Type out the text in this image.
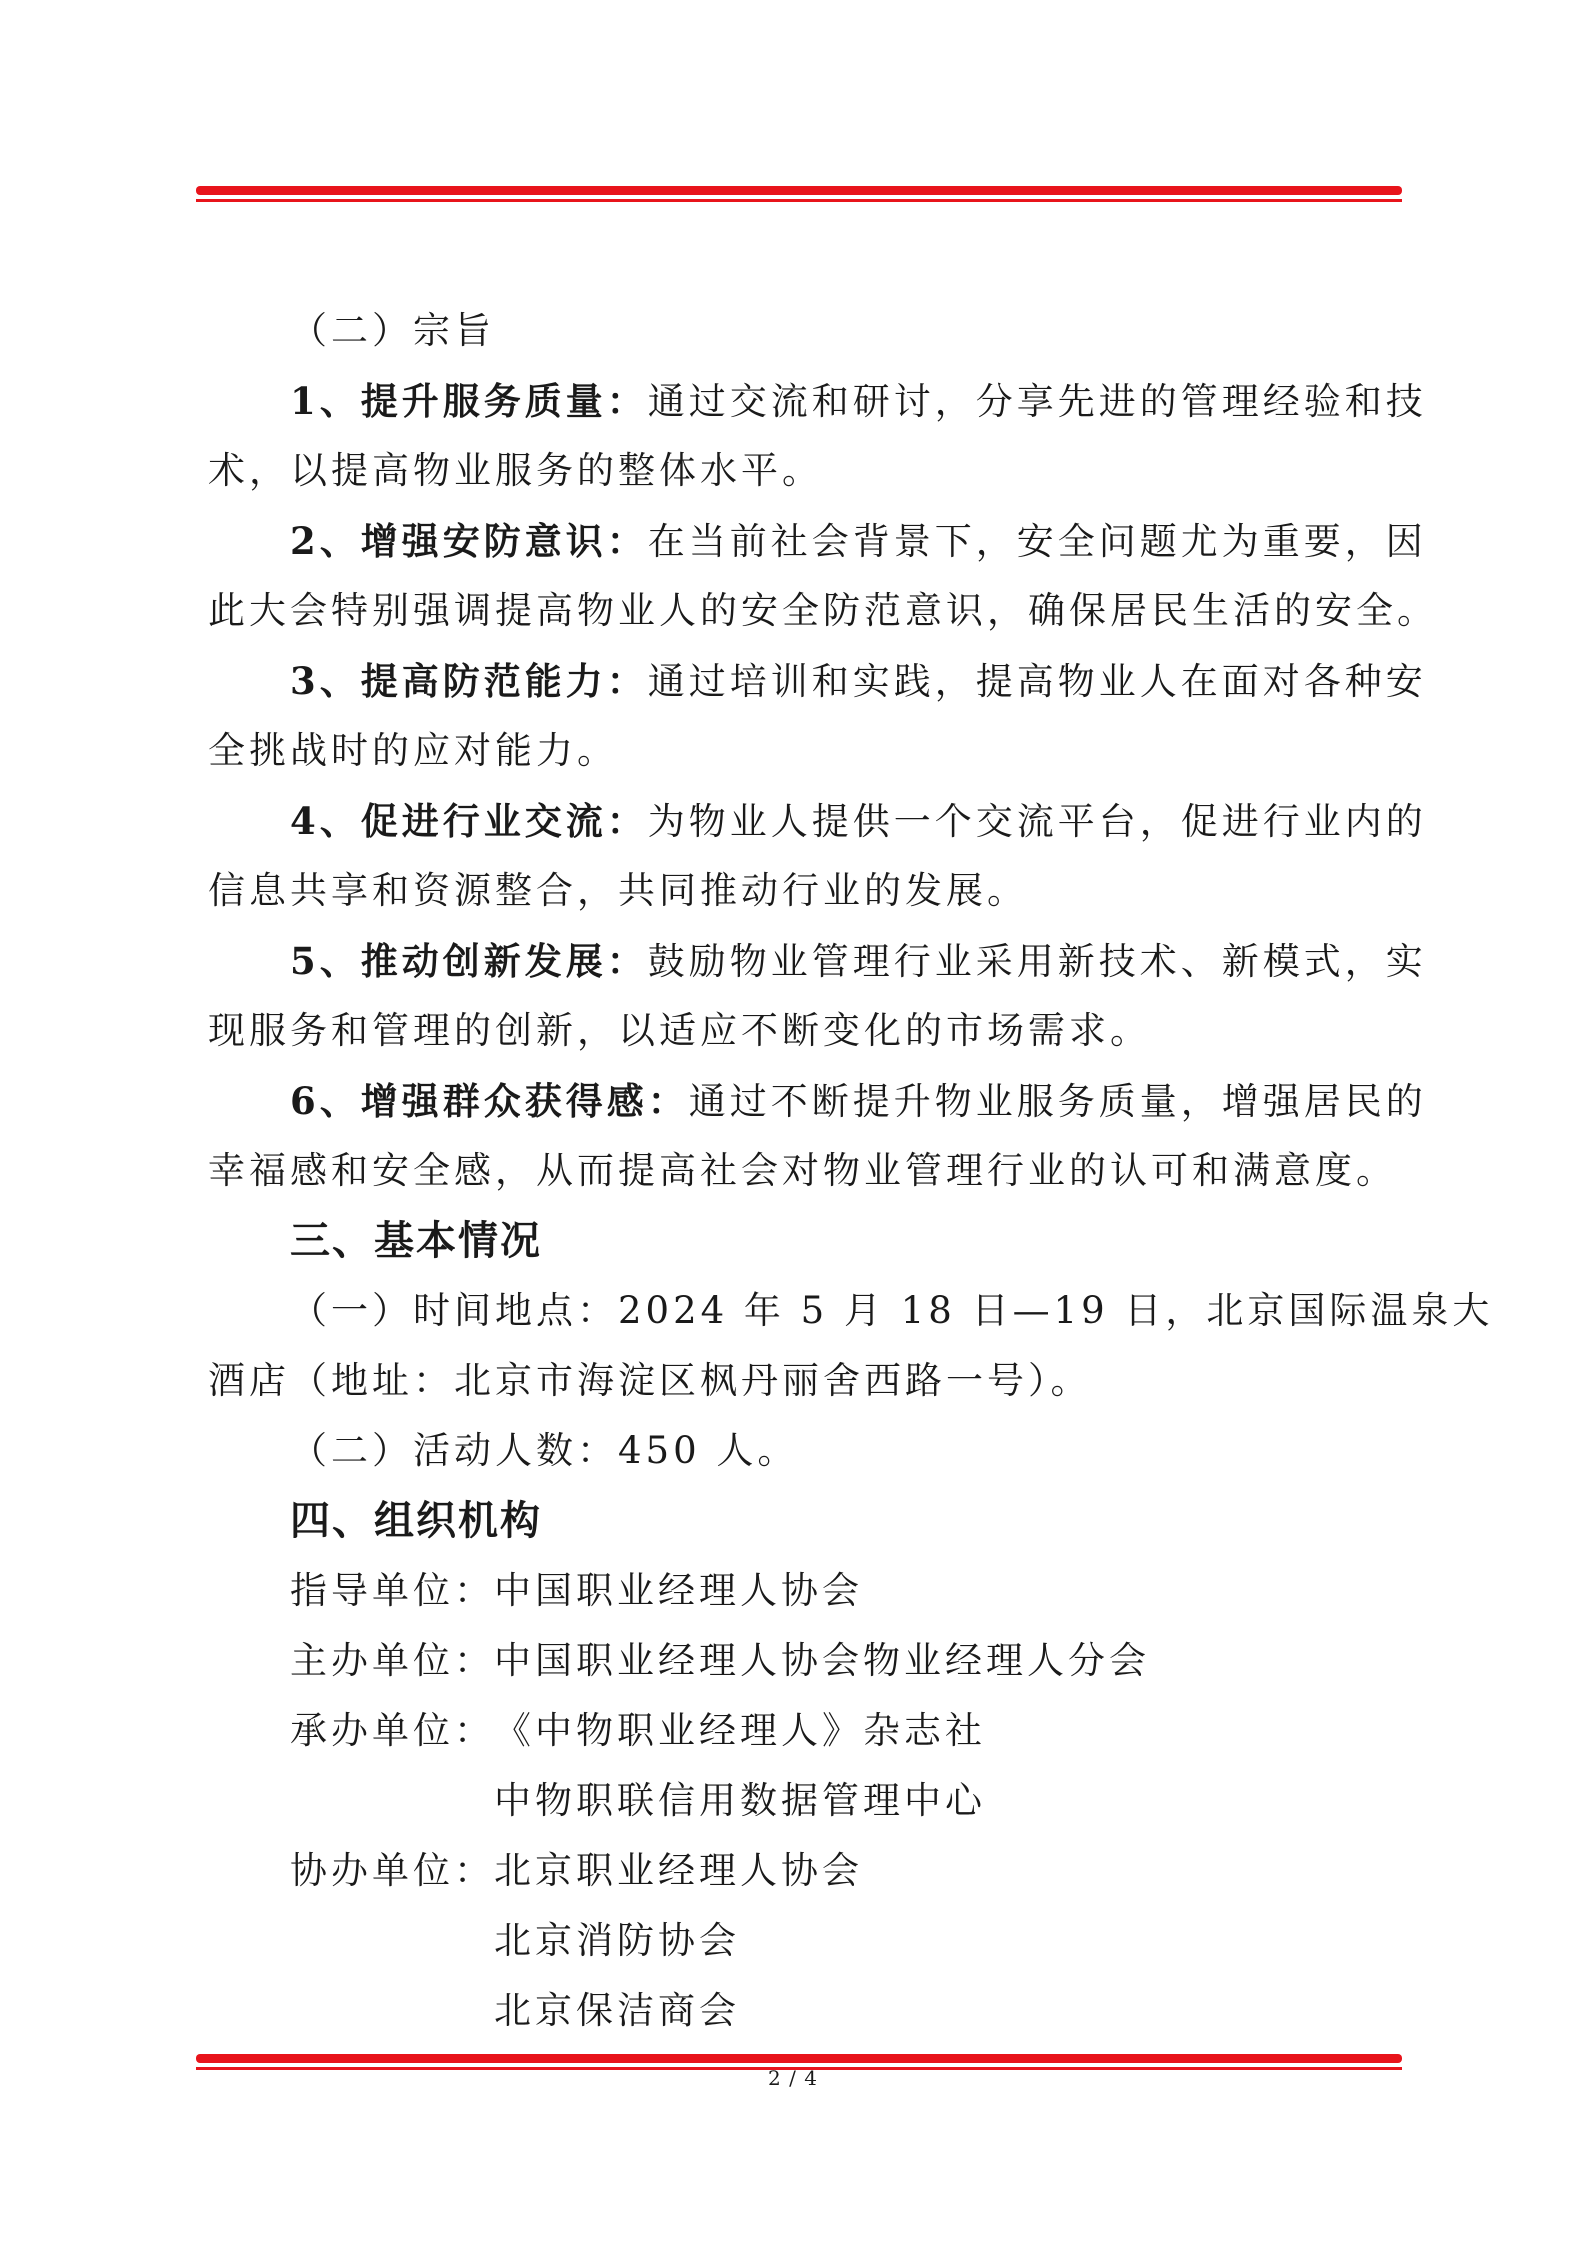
（二）宗旨
1、提升服务质量：通过交流和研讨，分享先进的管理经验和技
术，以提高物业服务的整体水平。
2、增强安防意识：在当前社会背景下，安全问题尤为重要，因
此大会特别强调提高物业人的安全防范意识，确保居民生活的安全。
3、提高防范能力：通过培训和实践，提高物业人在面对各种安
全挑战时的应对能力。
4、促进行业交流：为物业人提供一个交流平台，促进行业内的
信息共享和资源整合，共同推动行业的发展。
5、推动创新发展：鼓励物业管理行业采用新技术、新模式，实
现服务和管理的创新，以适应不断变化的市场需求。
6、增强群众获得感：通过不断提升物业服务质量，增强居民的
幸福感和安全感，从而提高社会对物业管理行业的认可和满意度。
三、基本情况
（一）时间地点：2024 年 5 月 18 日—19 日，北京国际温泉大
酒店（地址：北京市海淀区枫丹丽舍西路一号）。
（二）活动人数：450 人。
四、组织机构
指导单位： 中国职业经理人协会
主办单位： 中国职业经理人协会物业经理人分会
承办单位： 《中物职业经理人》杂志社
中物职联信用数据管理中心
协办单位： 北京职业经理人协会
北京消防协会
北京保洁商会
2 / 4
